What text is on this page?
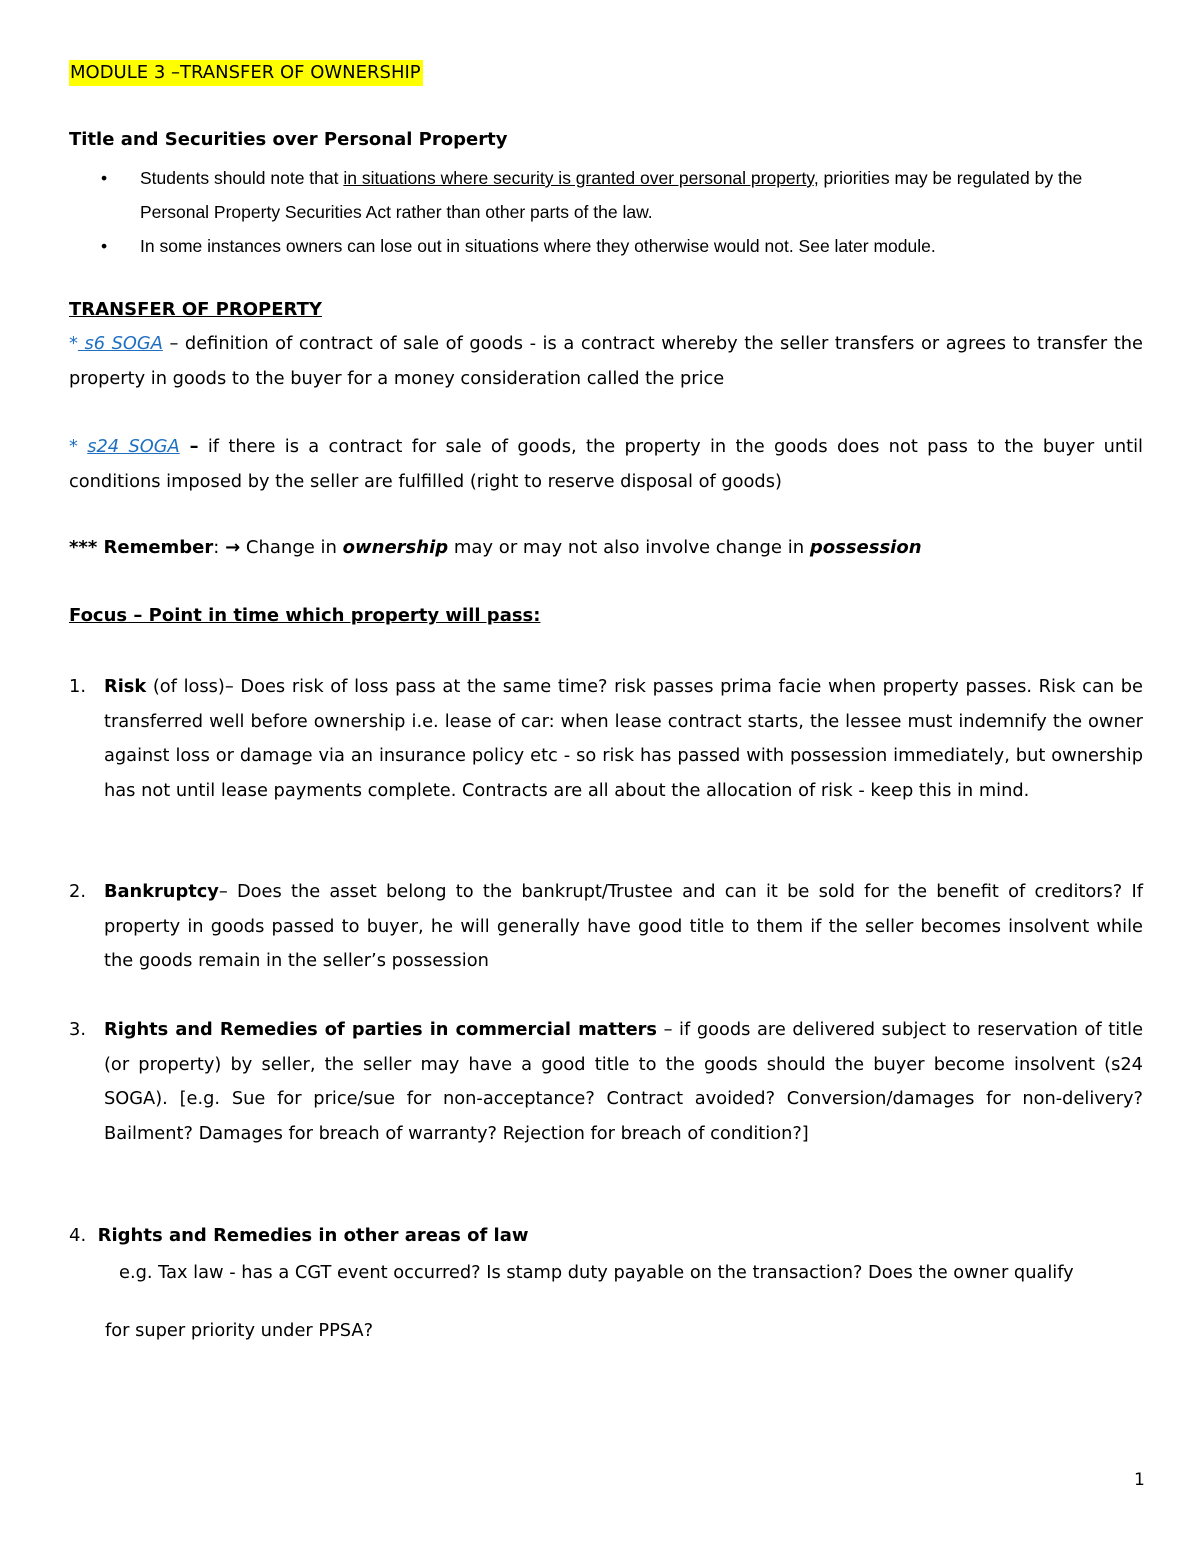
MODULE 3 –TRANSFER OF OWNERSHIP
Title and Securities over Personal Property
• Students should note that in situations where security is granted over personal property, priorities may be regulated by the Personal Property Securities Act rather than other parts of the law.
• In some instances owners can lose out in situations where they otherwise would not. See later module.
TRANSFER OF PROPERTY
* s6 SOGA – definition of contract of sale of goods - is a contract whereby the seller transfers or agrees to transfer the property in goods to the buyer for a money consideration called the price
* s24 SOGA – if there is a contract for sale of goods, the property in the goods does not pass to the buyer until conditions imposed by the seller are fulfilled (right to reserve disposal of goods)
*** Remember: → Change in ownership may or may not also involve change in possession
Focus – Point in time which property will pass:
1. Risk (of loss)– Does risk of loss pass at the same time? risk passes prima facie when property passes. Risk can be transferred well before ownership i.e. lease of car: when lease contract starts, the lessee must indemnify the owner against loss or damage via an insurance policy etc - so risk has passed with possession immediately, but ownership has not until lease payments complete. Contracts are all about the allocation of risk - keep this in mind.
2. Bankruptcy– Does the asset belong to the bankrupt/Trustee and can it be sold for the benefit of creditors? If property in goods passed to buyer, he will generally have good title to them if the seller becomes insolvent while the goods remain in the seller’s possession
3. Rights and Remedies of parties in commercial matters – if goods are delivered subject to reservation of title (or property) by seller, the seller may have a good title to the goods should the buyer become insolvent (s24 SOGA). [e.g. Sue for price/sue for non-acceptance? Contract avoided? Conversion/damages for non-delivery? Bailment? Damages for breach of warranty? Rejection for breach of condition?]
4. Rights and Remedies in other areas of law
e.g. Tax law - has a CGT event occurred? Is stamp duty payable on the transaction? Does the owner qualify
for super priority under PPSA?
1
